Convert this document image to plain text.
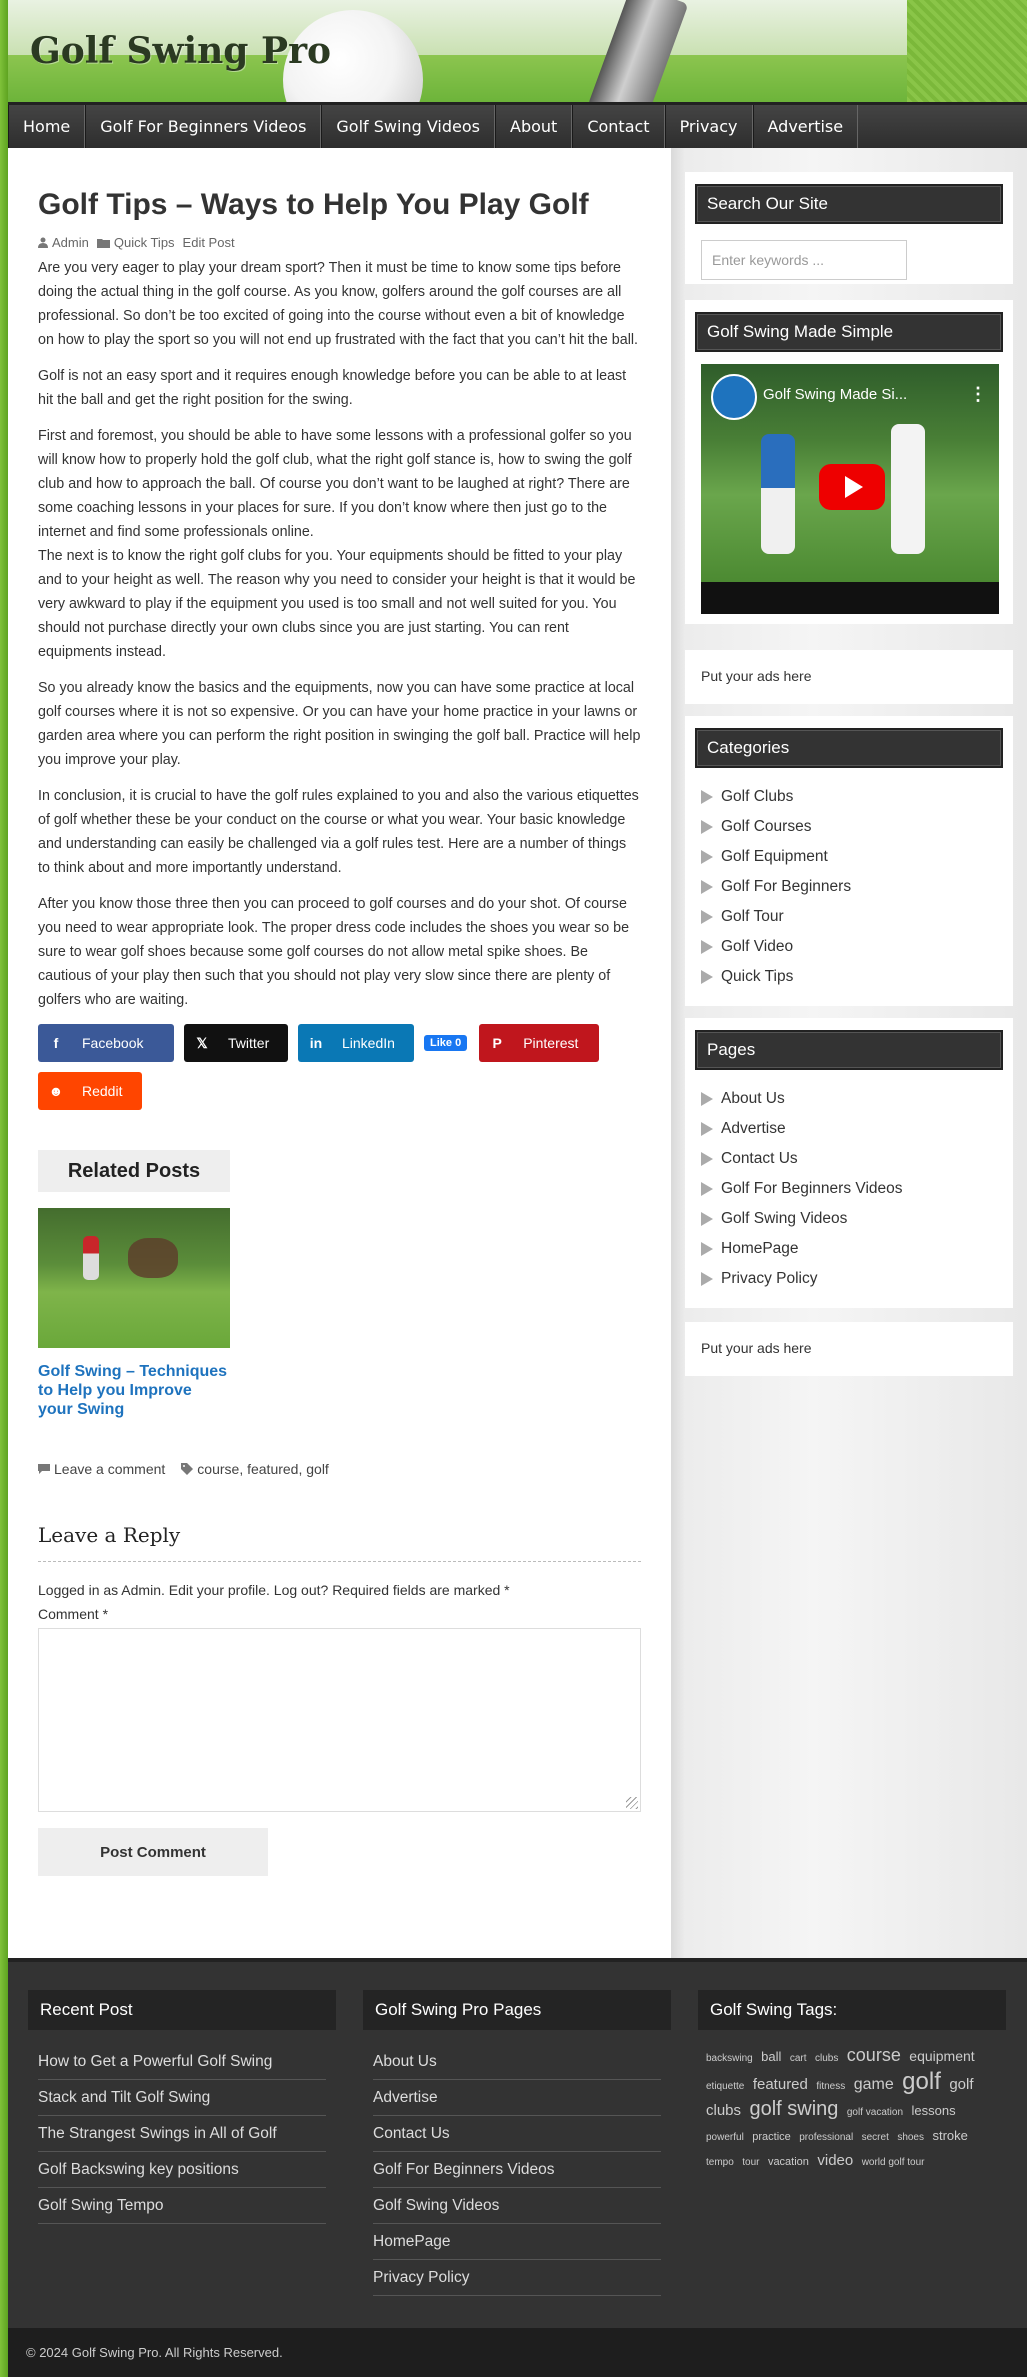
Golf Swing Pro
Home	Golf For Beginners Videos	Golf Swing Videos	About	Contact	Privacy	Advertise
Golf Tips – Ways to Help You Play Golf
Admin Quick Tips Edit Post

Are you very eager to play your dream sport? Then it must be time to know some tips before doing the actual thing in the golf course. As you know, golfers around the golf courses are all professional. So don’t be too excited of going into the course without even a bit of knowledge on how to play the sport so you will not end up frustrated with the fact that you can’t hit the ball.

Golf is not an easy sport and it requires enough knowledge before you can be able to at least hit the ball and get the right position for the swing.

First and foremost, you should be able to have some lessons with a professional golfer so you will know how to properly hold the golf club, what the right golf stance is, how to swing the golf club and how to approach the ball. Of course you don’t want to be laughed at right? There are some coaching lessons in your places for sure. If you don’t know where then just go to the internet and find some professionals online.

The next is to know the right golf clubs for you. Your equipments should be fitted to your play and to your height as well. The reason why you need to consider your height is that it would be very awkward to play if the equipment you used is too small and not well suited for you. You should not purchase directly your own clubs since you are just starting. You can rent equipments instead.

So you already know the basics and the equipments, now you can have some practice at local golf courses where it is not so expensive. Or you can have your home practice in your lawns or garden area where you can perform the right position in swinging the golf ball. Practice will help you improve your play.

In conclusion, it is crucial to have the golf rules explained to you and also the various etiquettes of golf whether these be your conduct on the course or what you wear. Your basic knowledge and understanding can easily be challenged via a golf rules test. Here are a number of things to think about and more importantly understand.

After you know those three then you can proceed to golf courses and do your shot. Of course you need to wear appropriate look. The proper dress code includes the shoes you wear so be sure to wear golf shoes because some golf courses do not allow metal spike shoes. Be cautious of your play then such that you should not play very slow since there are plenty of golfers who are waiting.

f	Facebook	𝕏	Twitter	in	LinkedIn	Like 0	P	Pinterest
☻	Reddit
Related Posts
Golf Swing – Techniques to Help you Improve your Swing
Leave a comment course, featured, golf
Leave a Reply
Logged in as Admin. Edit your profile. Log out? Required fields are marked *
Comment *
Post Comment
Search Our Site
Enter keywords ...
Golf Swing Made Simple
Golf Swing Made Si...	⋮
Put your ads here
Categories
Golf Clubs
Golf Courses
Golf Equipment
Golf For Beginners
Golf Tour
Golf Video
Quick Tips
Pages
About Us
Advertise
Contact Us
Golf For Beginners Videos
Golf Swing Videos
HomePage
Privacy Policy
Put your ads here
Recent Post
How to Get a Powerful Golf Swing
Stack and Tilt Golf Swing
The Strangest Swings in All of Golf
Golf Backswing key positions
Golf Swing Tempo
Golf Swing Pro Pages
About Us
Advertise
Contact Us
Golf For Beginners Videos
Golf Swing Videos
HomePage
Privacy Policy
Golf Swing Tags:
backswing ball cart clubs course equipment etiquette featured fitness game golf golf clubs golf swing golf vacation lessons powerful practice professional secret shoes stroke tempo tour vacation video world golf tour
© 2024 Golf Swing Pro. All Rights Reserved.
